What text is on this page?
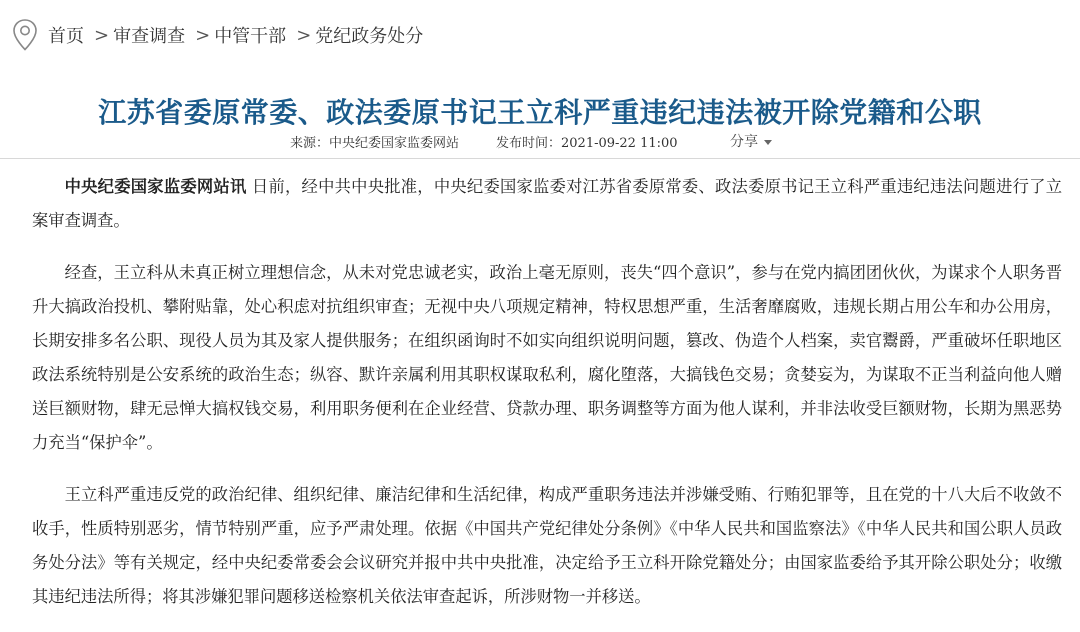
首页 > 审查调查 > 中管干部 > 党纪政务处分
江苏省委原常委、政法委原书记王立科严重违纪违法被开除党籍和公职
来源：中央纪委国家监委网站	发布时间：2021-09-22 11:00	分享

中央纪委国家监委网站讯 日前，经中共中央批准，中央纪委国家监委对江苏省委原常委、政法委原书记王立科严重违纪违法问题进行了立案审查调查。

经查，王立科从未真正树立理想信念，从未对党忠诚老实，政治上毫无原则，丧失“四个意识”，参与在党内搞团团伙伙，为谋求个人职务晋升大搞政治投机、攀附贴靠，处心积虑对抗组织审查；无视中央八项规定精神，特权思想严重，生活奢靡腐败，违规长期占用公车和办公用房，长期安排多名公职、现役人员为其及家人提供服务；在组织函询时不如实向组织说明问题，篡改、伪造个人档案，卖官鬻爵，严重破坏任职地区政法系统特别是公安系统的政治生态；纵容、默许亲属利用其职权谋取私利，腐化堕落，大搞钱色交易；贪婪妄为，为谋取不正当利益向他人赠送巨额财物，肆无忌惮大搞权钱交易，利用职务便利在企业经营、贷款办理、职务调整等方面为他人谋利，并非法收受巨额财物，长期为黑恶势力充当“保护伞”。

王立科严重违反党的政治纪律、组织纪律、廉洁纪律和生活纪律，构成严重职务违法并涉嫌受贿、行贿犯罪等，且在党的十八大后不收敛不收手，性质特别恶劣，情节特别严重，应予严肃处理。依据《中国共产党纪律处分条例》《中华人民共和国监察法》《中华人民共和国公职人员政务处分法》等有关规定，经中央纪委常委会会议研究并报中共中央批准，决定给予王立科开除党籍处分；由国家监委给予其开除公职处分；收缴其违纪违法所得；将其涉嫌犯罪问题移送检察机关依法审查起诉，所涉财物一并移送。
